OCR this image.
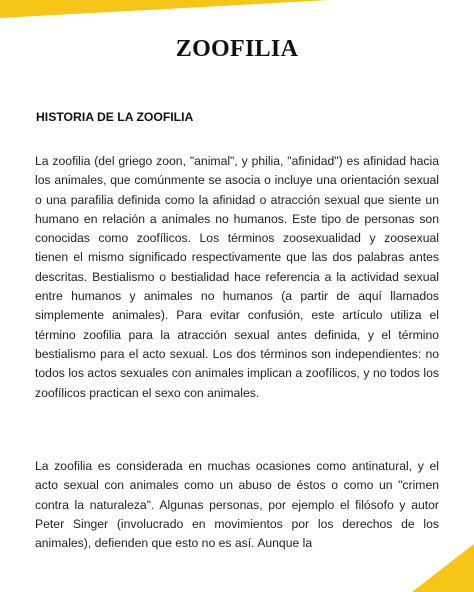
ZOOFILIA
HISTORIA DE LA ZOOFILIA

La zoofilia (del griego zoon, "animal", y philia, "afinidad") es afinidad hacia los animales, que comúnmente se asocia o incluye una orientación sexual o una parafilia definida como la afinidad o atracción sexual que siente un humano en relación a animales no humanos. Este tipo de personas son conocidas como zoofílicos. Los términos zoosexualidad y zoosexual tienen el mismo significado respectivamente que las dos palabras antes descritas. Bestialismo o bestialidad hace referencia a la actividad sexual entre humanos y animales no humanos (a partir de aquí llamados simplemente animales). Para evitar confusión, este artículo utiliza el término zoofilia para la atracción sexual antes definida, y el término bestialismo para el acto sexual. Los dos términos son independientes: no todos los actos sexuales con animales implican a zoofílicos, y no todos los zoofílicos practican el sexo con animales.

La zoofilia es considerada en muchas ocasiones como antinatural, y el acto sexual con animales como un abuso de éstos o como un "crimen contra la naturaleza". Algunas personas, por ejemplo el filósofo y autor Peter Singer (involucrado en movimientos por los derechos de los animales), defienden que esto no es así. Aunque la
